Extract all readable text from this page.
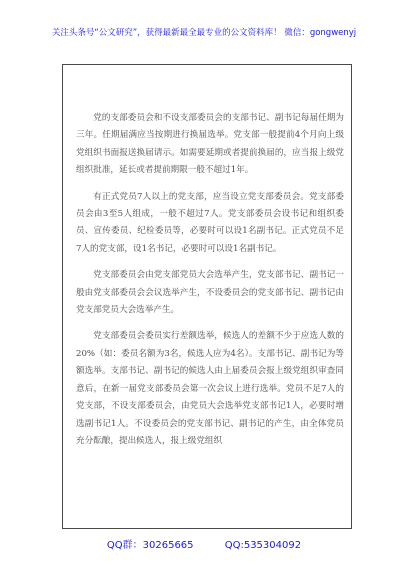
关注头条号“公文研究”，获得最新最全最专业的公文资料库！ 微信：gongwenyj

党的支部委员会和不设支部委员会的支部书记、副书记每届任期为三年。任期届满应当按期进行换届选举。党支部一般提前4个月向上级党组织书面报送换届请示。如需要延期或者提前换届的，应当报上级党组织批准，延长或者提前期限一般不超过1年。

有正式党员7人以上的党支部，应当设立党支部委员会。党支部委员会由3至5人组成，一般不超过7人。党支部委员会设书记和组织委员、宣传委员、纪检委员等，必要时可以设1名副书记。正式党员不足7人的党支部，设1名书记，必要时可以设1名副书记。

党支部委员会由党支部党员大会选举产生，党支部书记、副书记一般由党支部委员会会议选举产生，不设委员会的党支部书记、副书记由党支部党员大会选举产生。

党支部委员会委员实行差额选举，候选人的差额不少于应选人数的20%（如：委员名额为3名，候选人应为4名）。支部书记、副书记为等额选举。支部书记、副书记的候选人由上届委员会报上级党组织审查同意后，在新一届党支部委员会第一次会议上进行选举。党员不足7人的党支部，不设支部委员会，由党员大会选举党支部书记1人，必要时增选副书记1人。不设委员会的党支部书记、副书记的产生，由全体党员充分酝酿，提出候选人，报上级党组织

QQ群：30265665	QQ:535304092
